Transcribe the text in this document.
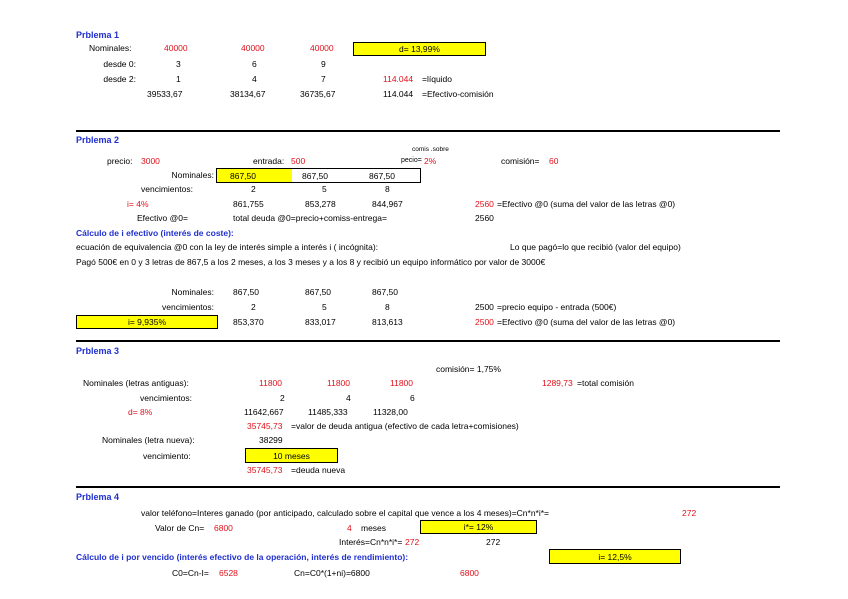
Prblema 1
Nominales:	40000	40000	40000	d= 13,99%
desde 0:	3	6	9
desde 2:	1	4	7	114.044 =líquido
39533,67	38134,67	36735,67	114.044 =Efectivo-comisión
Prblema 2
comis .sobre
precio: 3000	entrada: 500	pecio= 2%	comisión= 60
Nominales: 867,50	867,50	867,50
vencimientos:	2	5	8
i= 4%	861,755	853,278	844,967	2560 =Efectivo @0 (suma del valor de las letras @0)
Efectivo @0=	total deuda @0=precio+comiss-entrega=	2560
Cálculo de i efectivo (interés de coste):
ecuación de equivalencia @0 con la ley de interés simple a interés i ( incógnita):	Lo que pagó=lo que recibió (valor del equipo)
Pagó 500€ en 0 y 3 letras de 867,5 a los 2 meses, a los 3 meses y a los 8 y recibió un equipo informático por valor de 3000€
Nominales: 867,50	867,50	867,50
vencimientos:	2	5	8	2500 =precio equipo - entrada (500€)
i= 9,935%	853,370	833,017	813,613	2500 =Efectivo @0 (suma del valor de las letras @0)
Prblema 3
comisión= 1,75%
Nominales (letras antiguas):	11800	11800	11800	1289,73 =total comisión
vencimientos:	2	4	6
d= 8%	11642,667	11485,333	11328,00
35745,73 =valor de deuda antigua (efectivo de cada letra+comisiones)
Nominales (letra nueva):	38299
vencimiento:	10 meses
35745,73 =deuda nueva
Prblema 4
valor teléfono=Interes ganado (por anticipado, calculado sobre el capital que vence a los 4 meses)=Cn*n*i*=	272
Valor de Cn= 6800	4 meses	i*= 12%
Interés=Cn*n*i*= 272	272
Cálculo de i por vencido (interés efectivo de la operación, interés de rendimiento):	i= 12,5%
C0=Cn-I= 6528	Cn=C0*(1+ni)=6800	6800
